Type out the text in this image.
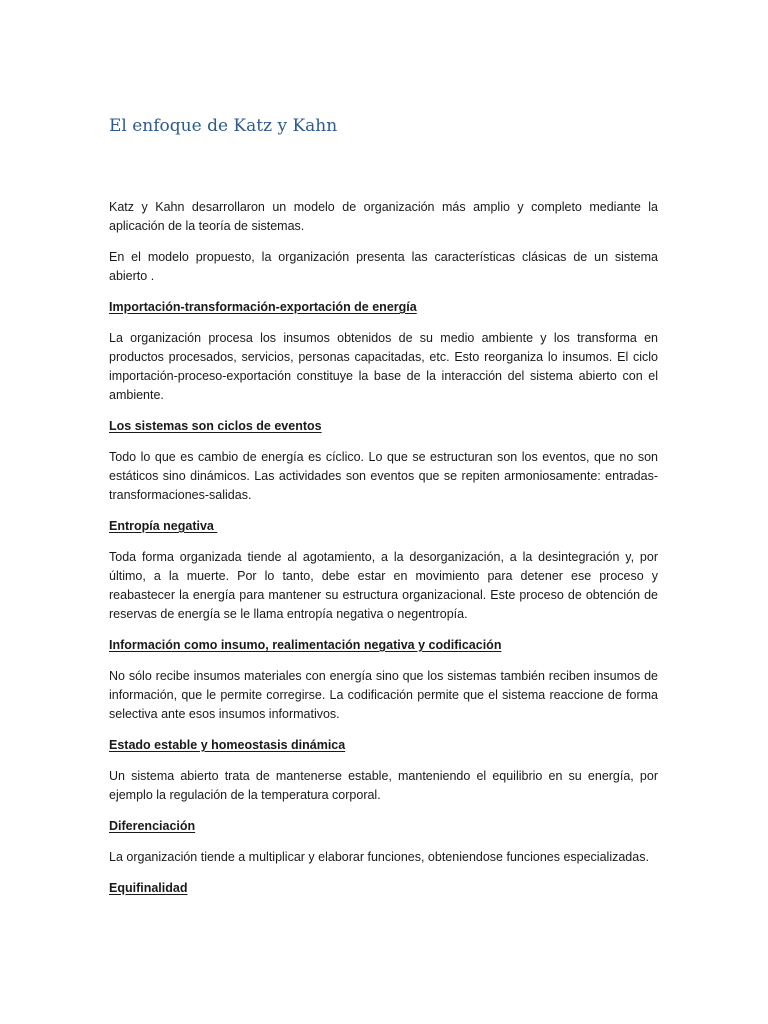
El enfoque de Katz y Kahn

Katz y Kahn desarrollaron un modelo de organización más amplio y completo mediante la aplicación de la teoría de sistemas.

En el modelo propuesto, la organización presenta las características clásicas de un sistema abierto .

Importación-transformación-exportación de energía

La organización procesa los insumos obtenidos de su medio ambiente y los transforma en productos procesados, servicios, personas capacitadas, etc. Esto reorganiza lo insumos. El ciclo importación-proceso-exportación constituye la base de la interacción del sistema abierto con el ambiente.

Los sistemas son ciclos de eventos

Todo lo que es cambio de energía es cíclico. Lo que se estructuran son los eventos, que no son estáticos sino dinámicos. Las actividades son eventos que se repiten armoniosamente: entradas-transformaciones-salidas.

Entropía negativa

Toda forma organizada tiende al agotamiento, a la desorganización, a la desintegración y, por último, a la muerte. Por lo tanto, debe estar en movimiento para detener ese proceso y reabastecer la energía para mantener su estructura organizacional. Este proceso de obtención de reservas de energía se le llama entropía negativa o negentropía.

Información como insumo, realimentación negativa y codificación

No sólo recibe insumos materiales con energía sino que los sistemas también reciben insumos de información, que le permite corregirse. La codificación permite que el sistema reaccione de forma selectiva ante esos insumos informativos.

Estado estable y homeostasis dinámica

Un sistema abierto trata de mantenerse estable, manteniendo el equilibrio en su energía, por ejemplo la regulación de la temperatura corporal.

Diferenciación

La organización tiende a multiplicar y elaborar funciones, obteniendose funciones especializadas.

Equifinalidad
